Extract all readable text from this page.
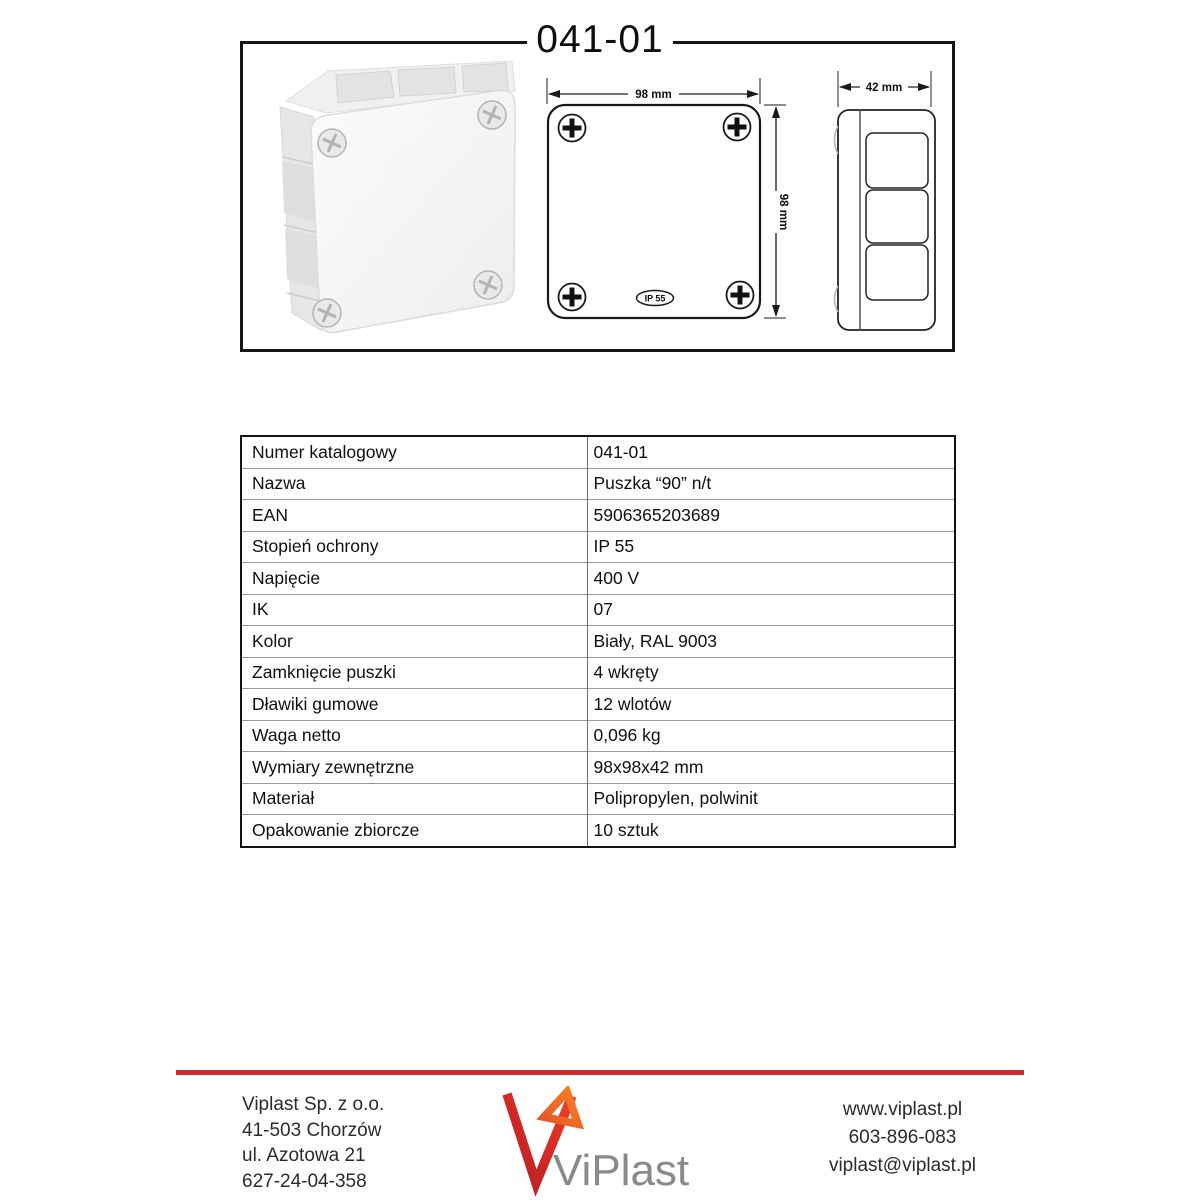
041-01
98 mm
IP 55
98 mm
42 mm
Numer katalogowy	041-01
Nazwa	Puszka “90” n/t
EAN	5906365203689
Stopień ochrony	IP 55
Napięcie	400 V
IK	07
Kolor	Biały, RAL 9003
Zamknięcie puszki	4 wkręty
Dławiki gumowe	12 wlotów
Waga netto	0,096 kg
Wymiary zewnętrzne	98x98x42 mm
Materiał	Polipropylen, polwinit
Opakowanie zbiorcze	10 sztuk
Viplast Sp. z o.o.
41-503 Chorzów
ul. Azotowa 21
627-24-04-358	ViPlast
www.viplast.pl
603-896-083
viplast@viplast.pl
